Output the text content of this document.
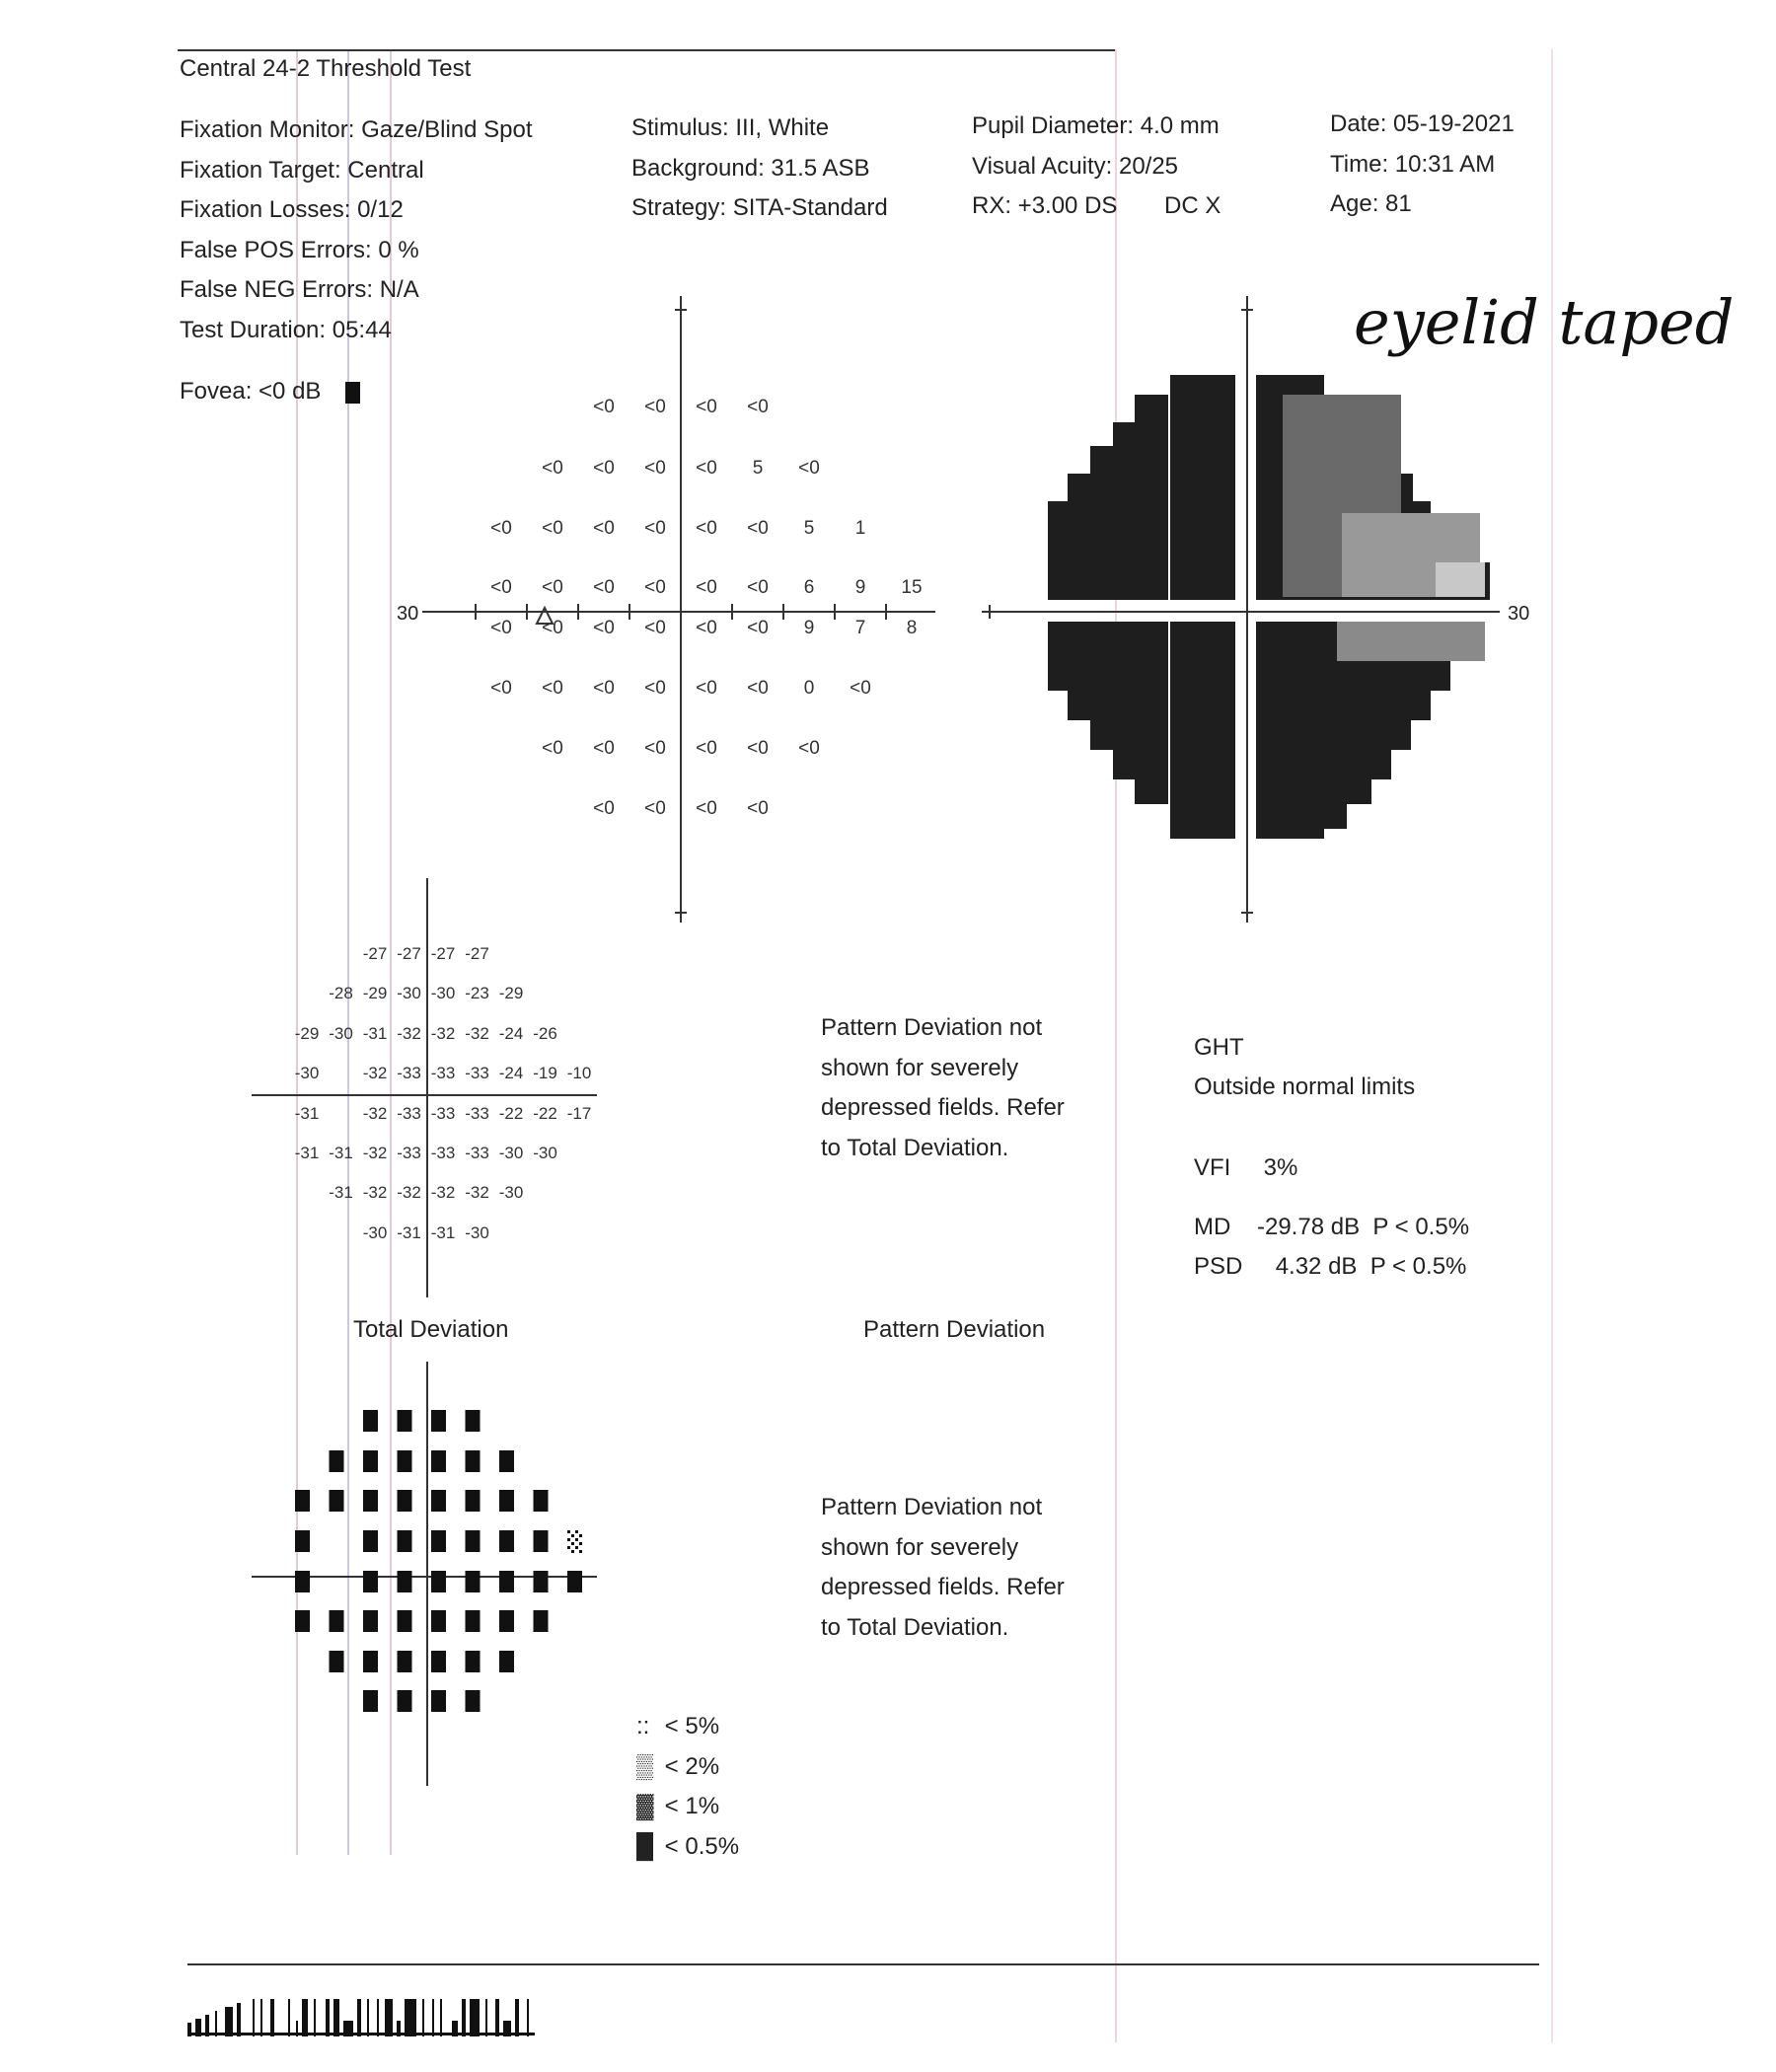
Central 24-2 Threshold Test
Fixation Monitor: Gaze/Blind Spot
Fixation Target: Central
Fixation Losses: 0/12
False POS Errors: 0 %
False NEG Errors: N/A
Test Duration: 05:44
Stimulus: III, White
Background: 31.5 ASB
Strategy: SITA-Standard
Pupil Diameter: 4.0 mm
Visual Acuity: 20/25
RX: +3.00 DS	DC X
Date: 05-19-2021
Time: 10:31 AM
Age: 81
Fovea: <0 dB
eyelid taped
30
<0 <0 <0 <0
<0 <0 <0 <0 5 <0
<0 <0 <0 <0 <0 <0 5 1
<0 <0 <0 <0 <0 <0 6 9 15
<0 <0 <0 <0 <0 <0 9 7 8
<0 <0 <0 <0 <0 <0 0 <0
<0 <0 <0 <0 <0 <0
<0 <0 <0 <0
30
-27 -27 -27 -27
-28 -29 -30 -30 -23 -29
-29 -30 -31 -32 -32 -32 -24 -26
-30	-32 -33 -33 -33 -24 -19 -10
-31	-32 -33 -33 -33 -22 -22 -17
-31 -31 -32 -33 -33 -33 -30 -30
-31 -32 -32 -32 -32 -30
-30 -31 -31 -30
Total Deviation
Pattern Deviation not
shown for severely
depressed fields. Refer
to Total Deviation.
Pattern Deviation
Pattern Deviation not
shown for severely
depressed fields. Refer
to Total Deviation.
GHT
Outside normal limits
VFI     3%
MD    -29.78 dB  P < 0.5%
PSD     4.32 dB  P < 0.5%
:: < 5%
▒ < 2%
▓ < 1%
█ < 0.5%
